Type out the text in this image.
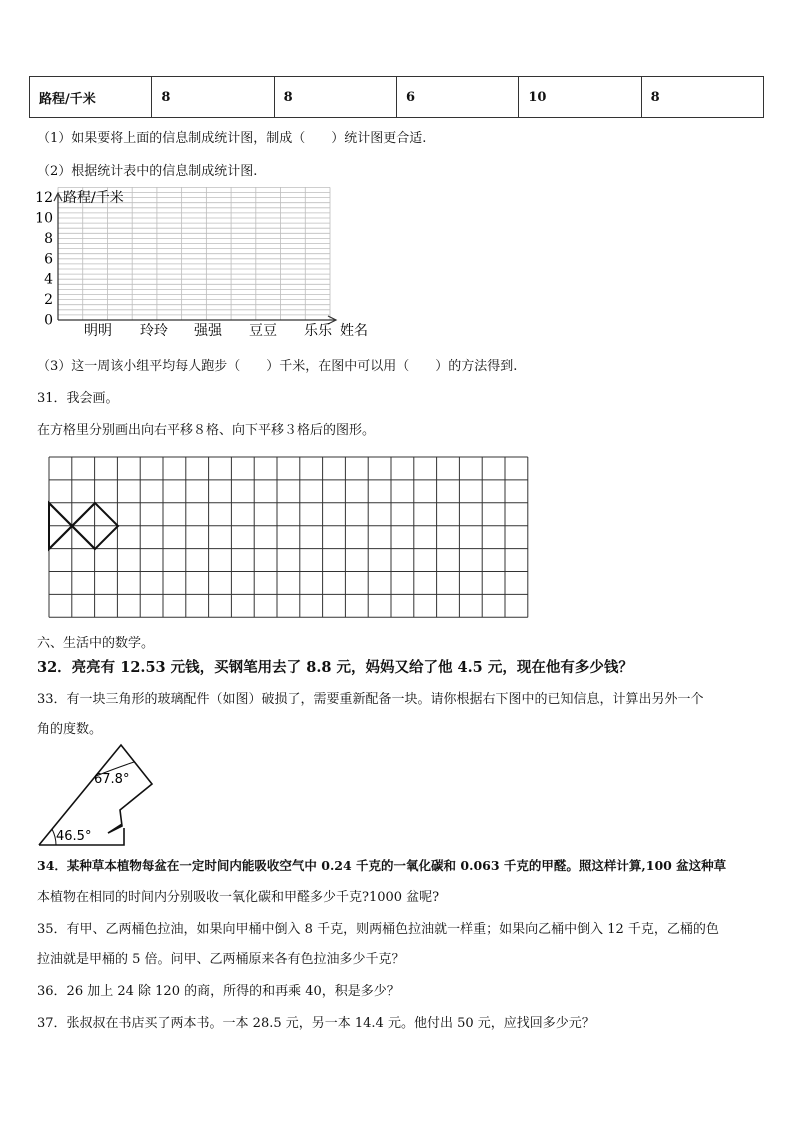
路程/千米	8	8	6	10	8
（1）如果要将上面的信息制成统计图，制成（　　）统计图更合适.
（2）根据统计表中的信息制成统计图.
路程/千米
姓名
0
2
4
6
8
10
12
明明 玲玲 强强 豆豆 乐乐
（3）这一周该小组平均每人跑步（　　）千米，在图中可以用（　　）的方法得到.
31．我会画。
在方格里分别画出向右平移８格、向下平移３格后的图形。
六、生活中的数学。
32．亮亮有 12.53 元钱，买钢笔用去了 8.8 元，妈妈又给了他 4.5 元，现在他有多少钱？
33．有一块三角形的玻璃配件（如图）破损了，需要重新配备一块。请你根据右下图中的已知信息，计算出另外一个
角的度数。
67.8°
46.5°
34．某种草本植物每盆在一定时间内能吸收空气中 0.24 千克的一氧化碳和 0.063 千克的甲醛。照这样计算,100 盆这种草
本植物在相同的时间内分别吸收一氧化碳和甲醛多少千克?1000 盆呢?
35．有甲、乙两桶色拉油，如果向甲桶中倒入 8 千克，则两桶色拉油就一样重；如果向乙桶中倒入 12 千克，乙桶的色
拉油就是甲桶的 5 倍。问甲、乙两桶原来各有色拉油多少千克？
36．26 加上 24 除 120 的商，所得的和再乘 40，积是多少？
37．张叔叔在书店买了两本书。一本 28.5 元，另一本 14.4 元。他付出 50 元，应找回多少元？
